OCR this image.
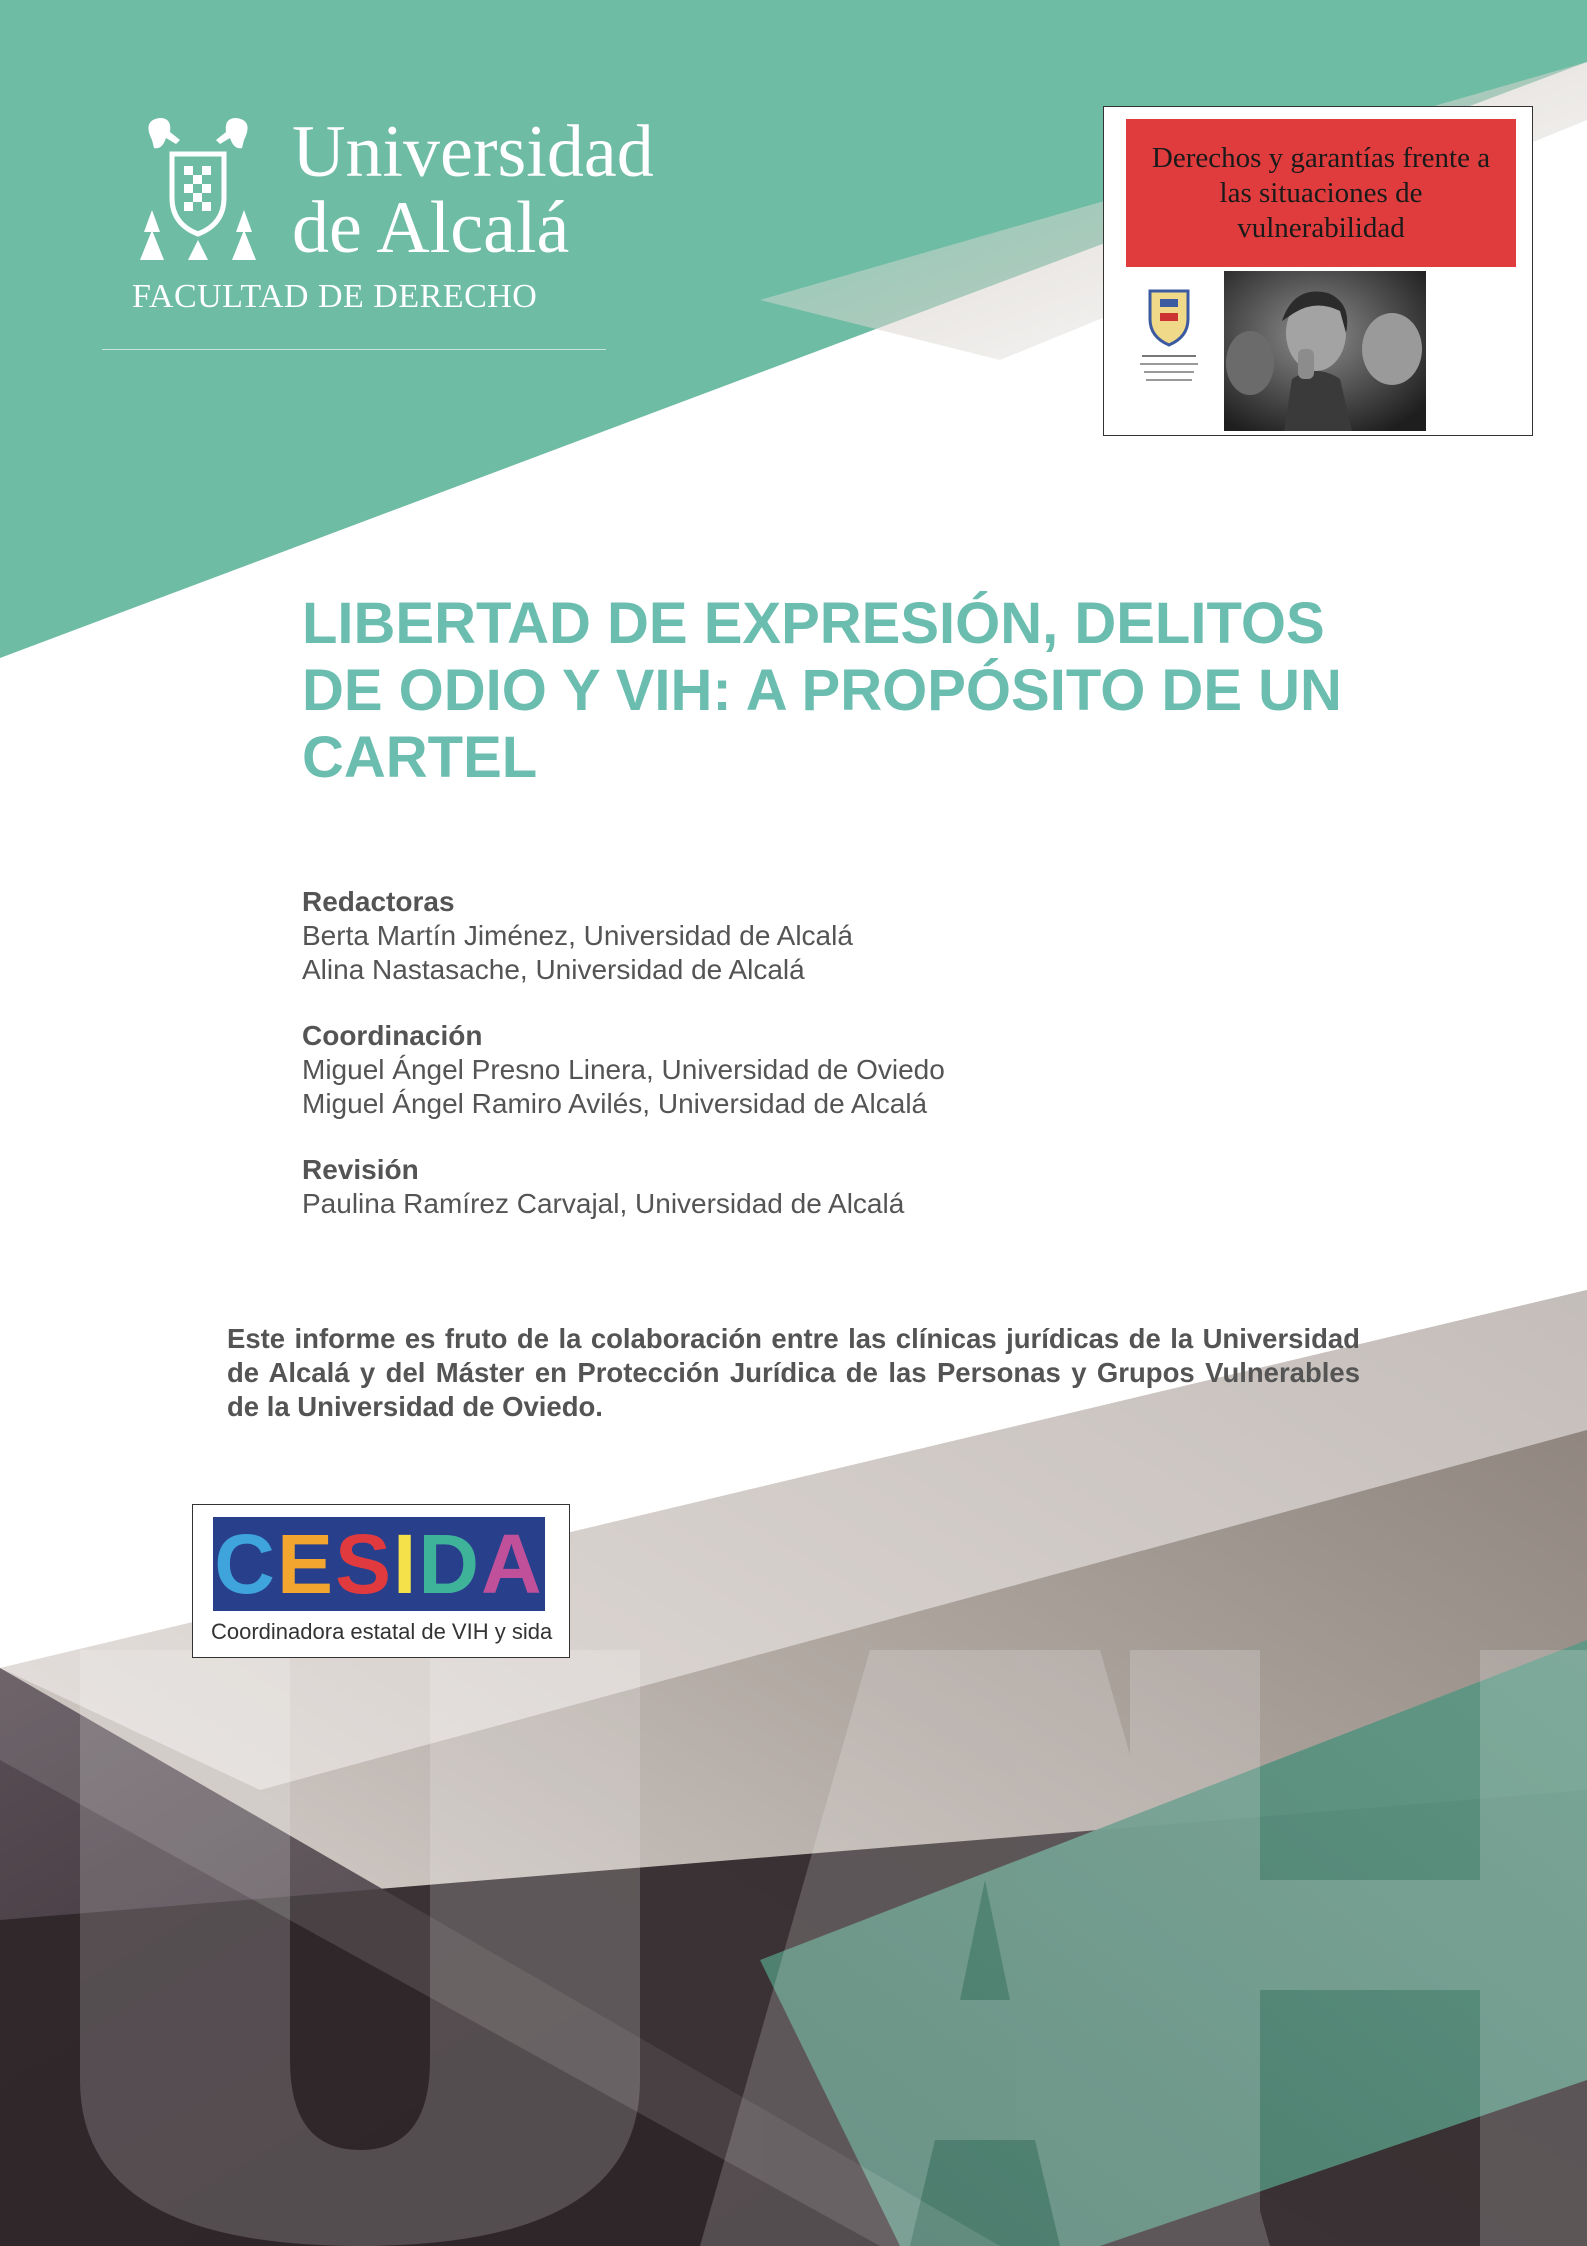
Universidad
de Alcalá
FACULTAD DE DERECHO
Derechos y garantías frente a las situaciones de vulnerabilidad
LIBERTAD DE EXPRESIÓN, DELITOS DE ODIO Y VIH: A PROPÓSITO DE UN CARTEL
Redactoras
Berta Martín Jiménez, Universidad de Alcalá
Alina Nastasache, Universidad de Alcalá
Coordinación
Miguel Ángel Presno Linera, Universidad de Oviedo
Miguel Ángel Ramiro Avilés, Universidad de Alcalá
Revisión
Paulina Ramírez Carvajal, Universidad de Alcalá
Este informe es fruto de la colaboración entre las clínicas jurídicas de la Universidad de Alcalá y del Máster en Protección Jurídica de las Personas y Grupos Vulnerables de la Universidad de Oviedo.
CESIDA
Coordinadora estatal de VIH y sida
